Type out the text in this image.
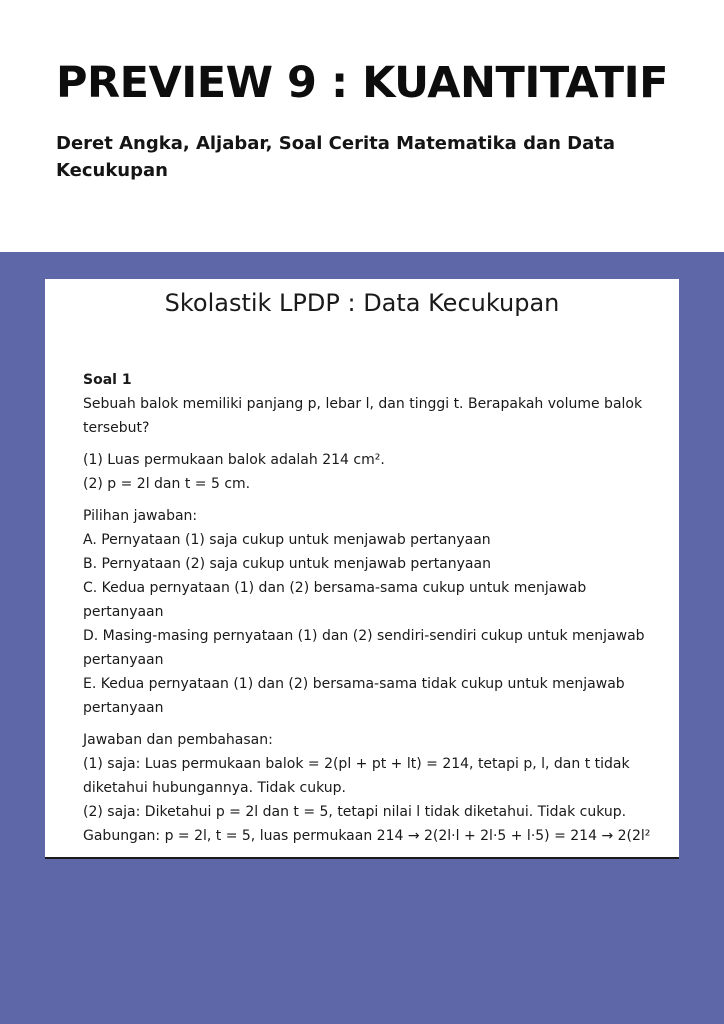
PREVIEW 9 : KUANTITATIF

Deret Angka, Aljabar, Soal Cerita Matematika dan Data Kecukupan

Skolastik LPDP : Data Kecukupan

Soal 1

Sebuah balok memiliki panjang p, lebar l, dan tinggi t. Berapakah volume balok tersebut?

(1) Luas permukaan balok adalah 214 cm².

(2) p = 2l dan t = 5 cm.

Pilihan jawaban:

A. Pernyataan (1) saja cukup untuk menjawab pertanyaan

B. Pernyataan (2) saja cukup untuk menjawab pertanyaan

C. Kedua pernyataan (1) dan (2) bersama-sama cukup untuk menjawab pertanyaan

D. Masing-masing pernyataan (1) dan (2) sendiri-sendiri cukup untuk menjawab pertanyaan

E. Kedua pernyataan (1) dan (2) bersama-sama tidak cukup untuk menjawab pertanyaan

Jawaban dan pembahasan:

(1) saja: Luas permukaan balok = 2(pl + pt + lt) = 214, tetapi p, l, dan t tidak diketahui hubungannya. Tidak cukup.

(2) saja: Diketahui p = 2l dan t = 5, tetapi nilai l tidak diketahui. Tidak cukup.

Gabungan: p = 2l, t = 5, luas permukaan 214 → 2(2l·l + 2l·5 + l·5) = 214 → 2(2l²
